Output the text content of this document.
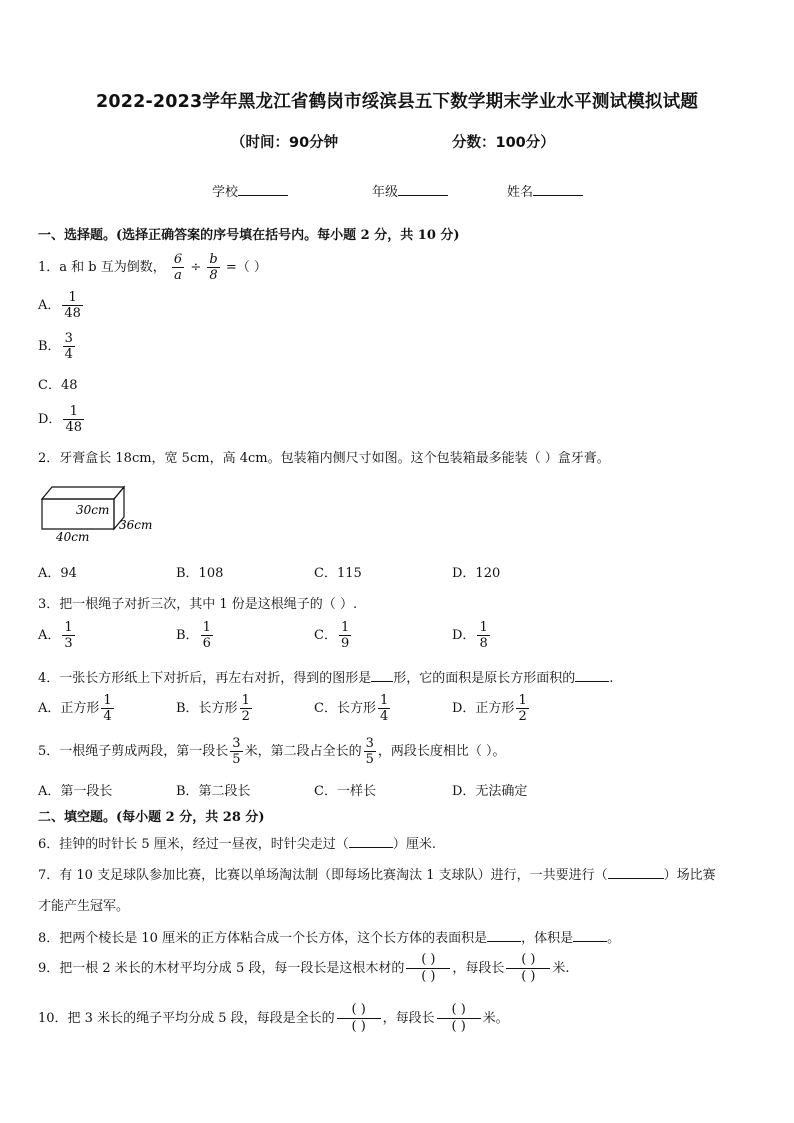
2022-2023学年黑龙江省鹤岗市绥滨县五下数学期末学业水平测试模拟试题
（时间：90分钟	分数：100分）
学校	年级	姓名
一、选择题。(选择正确答案的序号填在括号内。每小题 2 分，共 10 分)
1．a 和 b 互为倒数， $\frac{6}{a} \div \frac{b}{8}$ =（ ）
A． $\frac{1}{48}$
B． $\frac{3}{4}$
C．48
D． $\frac{1}{48}$
2．牙膏盒长 18cm，宽 5cm，高 4cm。包装箱内侧尺寸如图。这个包装箱最多能装（ ）盒牙膏。
30cm
36cm
40cm
A．94	B．108	C．115	D．120
3．把一根绳子对折三次，其中 1 份是这根绳子的（ ）.
A． $\frac{1}{3}$	B． $\frac{1}{6}$	C． $\frac{1}{9}$	D． $\frac{1}{8}$
4．一张长方形纸上下对折后，再左右对折，得到的图形是 形，它的面积是原长方形面积的	.
A．正方形 $\frac{1}{4}$	B．长方形 $\frac{1}{2}$	C．长方形 $\frac{1}{4}$	D．正方形 $\frac{1}{2}$
5．一根绳子剪成两段，第一段长 $\frac{3}{5}$ 米，第二段占全长的 $\frac{3}{5}$ ，两段长度相比（ ）。
A．第一段长	B．第二段长	C．一样长	D．无法确定
二、填空题。(每小题 2 分，共 28 分)
6．挂钟的时针长 5 厘米，经过一昼夜，时针尖走过（	）厘米.
7．有 10 支足球队参加比赛，比赛以单场淘汰制（即每场比赛淘汰 1 支球队）进行，一共要进行（	）场比赛
才能产生冠军。
8．把两个棱长是 10 厘米的正方体粘合成一个长方体，这个长方体的表面积是	，体积是	。
9．把一根 2 米长的木材平均分成 5 段，每一段长是这根木材的
( )
( )
，每段长
( )
( )
米.
10．把 3 米长的绳子平均分成 5 段，每段是全长的
( )
( )
，每段长
( )
( )
米。
